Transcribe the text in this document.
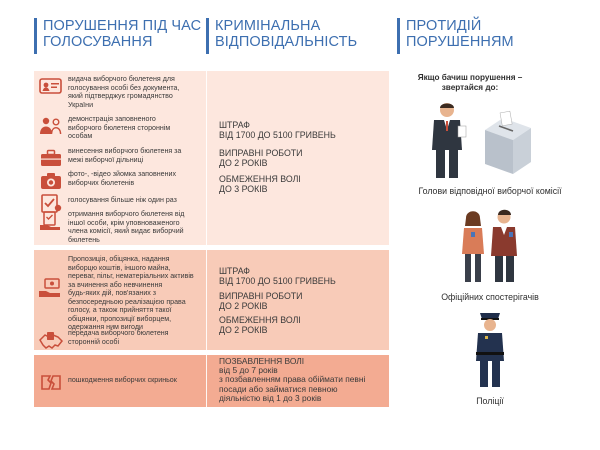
ПОРУШЕННЯ ПІД ЧАС
ГОЛОСУВАННЯ
КРИМІНАЛЬНА
ВІДПОВІДАЛЬНІСТЬ
ПРОТИДІЙ
ПОРУШЕННЯМ
видача виборчого бюлетеня для
голосування особі без документа,
який підтверджує громадянство
України
демонстрація заповненого
виборчого бюлетеня стороннім
особам
винесення виборчого бюлетеня за
межі виборчої дільниці
фото-, -відео зйомка заповнених
виборчих бюлетенів
голосування більше ніж один раз
отримання виборчого бюлетеня від
іншої особи, крім уповноваженого
члена комісії, який видає виборчий
бюлетень
ШТРАФ
ВІД 1700 ДО 5100 ГРИВЕНЬ
ВИПРАВНІ РОБОТИ
ДО 2 РОКІВ
ОБМЕЖЕННЯ ВОЛІ
ДО 3 РОКІВ
Пропозиція, обіцянка, надання
виборцю коштів, іншого майна,
переваг, пільг, нематеріальних активів
за вчинення або невчинення
будь-яких дій, пов'язаних з
безпосередньою реалізацією права
голосу, а також прийняття такої
обіцянки, пропозиції виборцем,
одержання ним вигоди
передача виборчого бюлетеня
сторонній особі
ШТРАФ
ВІД 1700 ДО 5100 ГРИВЕНЬ
ВИПРАВНІ РОБОТИ
ДО 2 РОКІВ
ОБМЕЖЕННЯ ВОЛІ
ДО 2 РОКІВ
пошкодження виборчих скриньок
ПОЗБАВЛЕННЯ ВОЛІ
від 5 до 7 років
з позбавленням права обіймати певні
посади або займатися певною
діяльністю від 1 до 3 років
Якщо бачиш порушення –
звертайся до:
Голови відповідної виборчої комісії
Офіційних спостерігачів
Поліції
